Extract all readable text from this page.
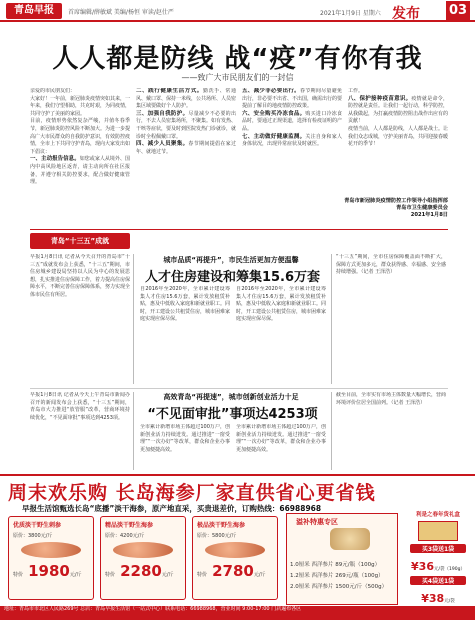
青岛早报	首席编辑/薛敏斌 美编/杨恒 审读/赵仕严	2021年1月9日 星期六 发布 03
人人都是防线 战“疫”有你有我
——致广大市民朋友们的一封信
亲爱的市民朋友们：
大家好！一年前，新冠肺炎疫情突如其来，一年来，我们守望相助，共克时艰，为同疫情，共同守护了美丽的家园。
目前，疫情形势依然复杂严峻，并值冬春季节，新冠肺炎防控风险不断加大。为进一步提高广大市民群众的自我防护意识，有效防控疫情，全市上下共同守护青岛，现向大家发出如下倡议：
一、主动报告信息。如您或家人从境外、国内中高风险地区返青，请主动向所在社区报备，并遵守相关防控要求，配合做好健康管理。
二、践行健康生活方式。勤洗手、常通风、戴口罩、保持一米线，公共场所、人员密集区域要做好个人防护。
三、加强自我防护。尽量减少不必要的出行，不去人员密集场所，不聚集。如有发热、干咳等症状，要及时到医院发热门诊就诊，就诊时全程佩戴口罩。
四、减少人员聚集。春节期间提倡在家过年、就地过节。
五、减少非必要出行。春节期间尽量避免出行，非必要不出省、不出国，确需出行的要提前了解目的地疫情防控政策。
六、安全购买冷冻食品。购买进口冷冻食品时，要通过正规渠道，选择有检疫证明的产品。
七、主动做好健康监测。关注自身和家人身体状况，出现异常症状及时就医。
工作。
八、保护接种疫苗意识。疫情就是命令，防控就是责任。让我们一起行动，科学防控，从我做起，为打赢疫情防控阻击战作出应有的贡献！
疫情当前，人人都是防线，人人都是战士。让我们众志成城，守护美丽青岛，共同迎接春暖花开的季节！
青岛市新冠肺炎疫情防控工作领导小组指挥部
青岛市卫生健康委员会
2021年1月8日
青岛“十三五”成就
早报1月8日讯 记者从今天召开的青岛市“十三五”成就发布会上获悉，“十三五”期间，市住房城乡建设局坚持以人民为中心的发展思想，扎实推进住房保障工作，着力提高住房保障水平，不断完善住房保障体系，努力实现全体市民住有所居。
城市品质“再提升”，市民生活更加方便温馨
人才住房建设和筹集15.6万套
自2016年至2020年，全市累计建设筹集人才住房15.6万套，累计发放租赁补贴，惠及中低收入家庭和新就业职工。同时，开工建设公共租赁住房，城市困难家庭实现应保尽保。
自2016年至2020年，全市累计建设筹集人才住房15.6万套，累计发放租赁补贴，惠及中低收入家庭和新就业职工。同时，开工建设公共租赁住房，城市困难家庭实现应保尽保。
“十三五”期间，全市住房保障覆盖面不断扩大，保障方式更加多元，群众获得感、幸福感、安全感持续增强。（记者 王泽浩）
早报1月8日讯 记者从今天上午青岛市新闻办召开的新闻发布会上获悉，“十三五”期间，青岛市大力推进“放管服”改革，营商环境持续优化，“不见面审批”事项达到4253项。
高效青岛“再提速”，城市创新创业活力十足
“不见面审批”事项达4253项
全市累计新增市场主体超过100万户，创新创业活力持续迸发。通过推进“一窗受理”“一次办好”等改革，群众和企业办事更加便捷高效。
全市累计新增市场主体超过100万户，创新创业活力持续迸发。通过推进“一窗受理”“一次办好”等改革，群众和企业办事更加便捷高效。
截至目前，全市实有市场主体数量大幅增长，营商环境评价位居全国前列。（记者 王泽浩）
周末欢乐购 长岛海参厂家直供省心更省钱
早报生活馆甄选长岛“底播”淡干海参，原产地直采，买贵退差价，订购热线：66988968
优质淡干野生刺参
原价：3800元/斤
特价 1980元/斤
精品淡干野生海参
原价：4200元/斤
特价 2280元/斤
极品淡干野生海参
原价：5800元/斤
特价 2780元/斤
溢补特惠专区
1.0厘米 西洋参片 89元/瓶（100g）
1.2厘米 西洋参片 269元/瓶（100g）
2.0厘米 西洋参片 1500元/斤（500g）
利是之春年货礼盒
买3袋送1袋
¥36元/袋（190g）
买4袋送1袋
¥38元/袋
地址：青岛市市北区人民路269号 总店：青岛早报生活馆（一站式中心）联系电话：66988968，营业时间 9:00-17:00 门店遍布各区
